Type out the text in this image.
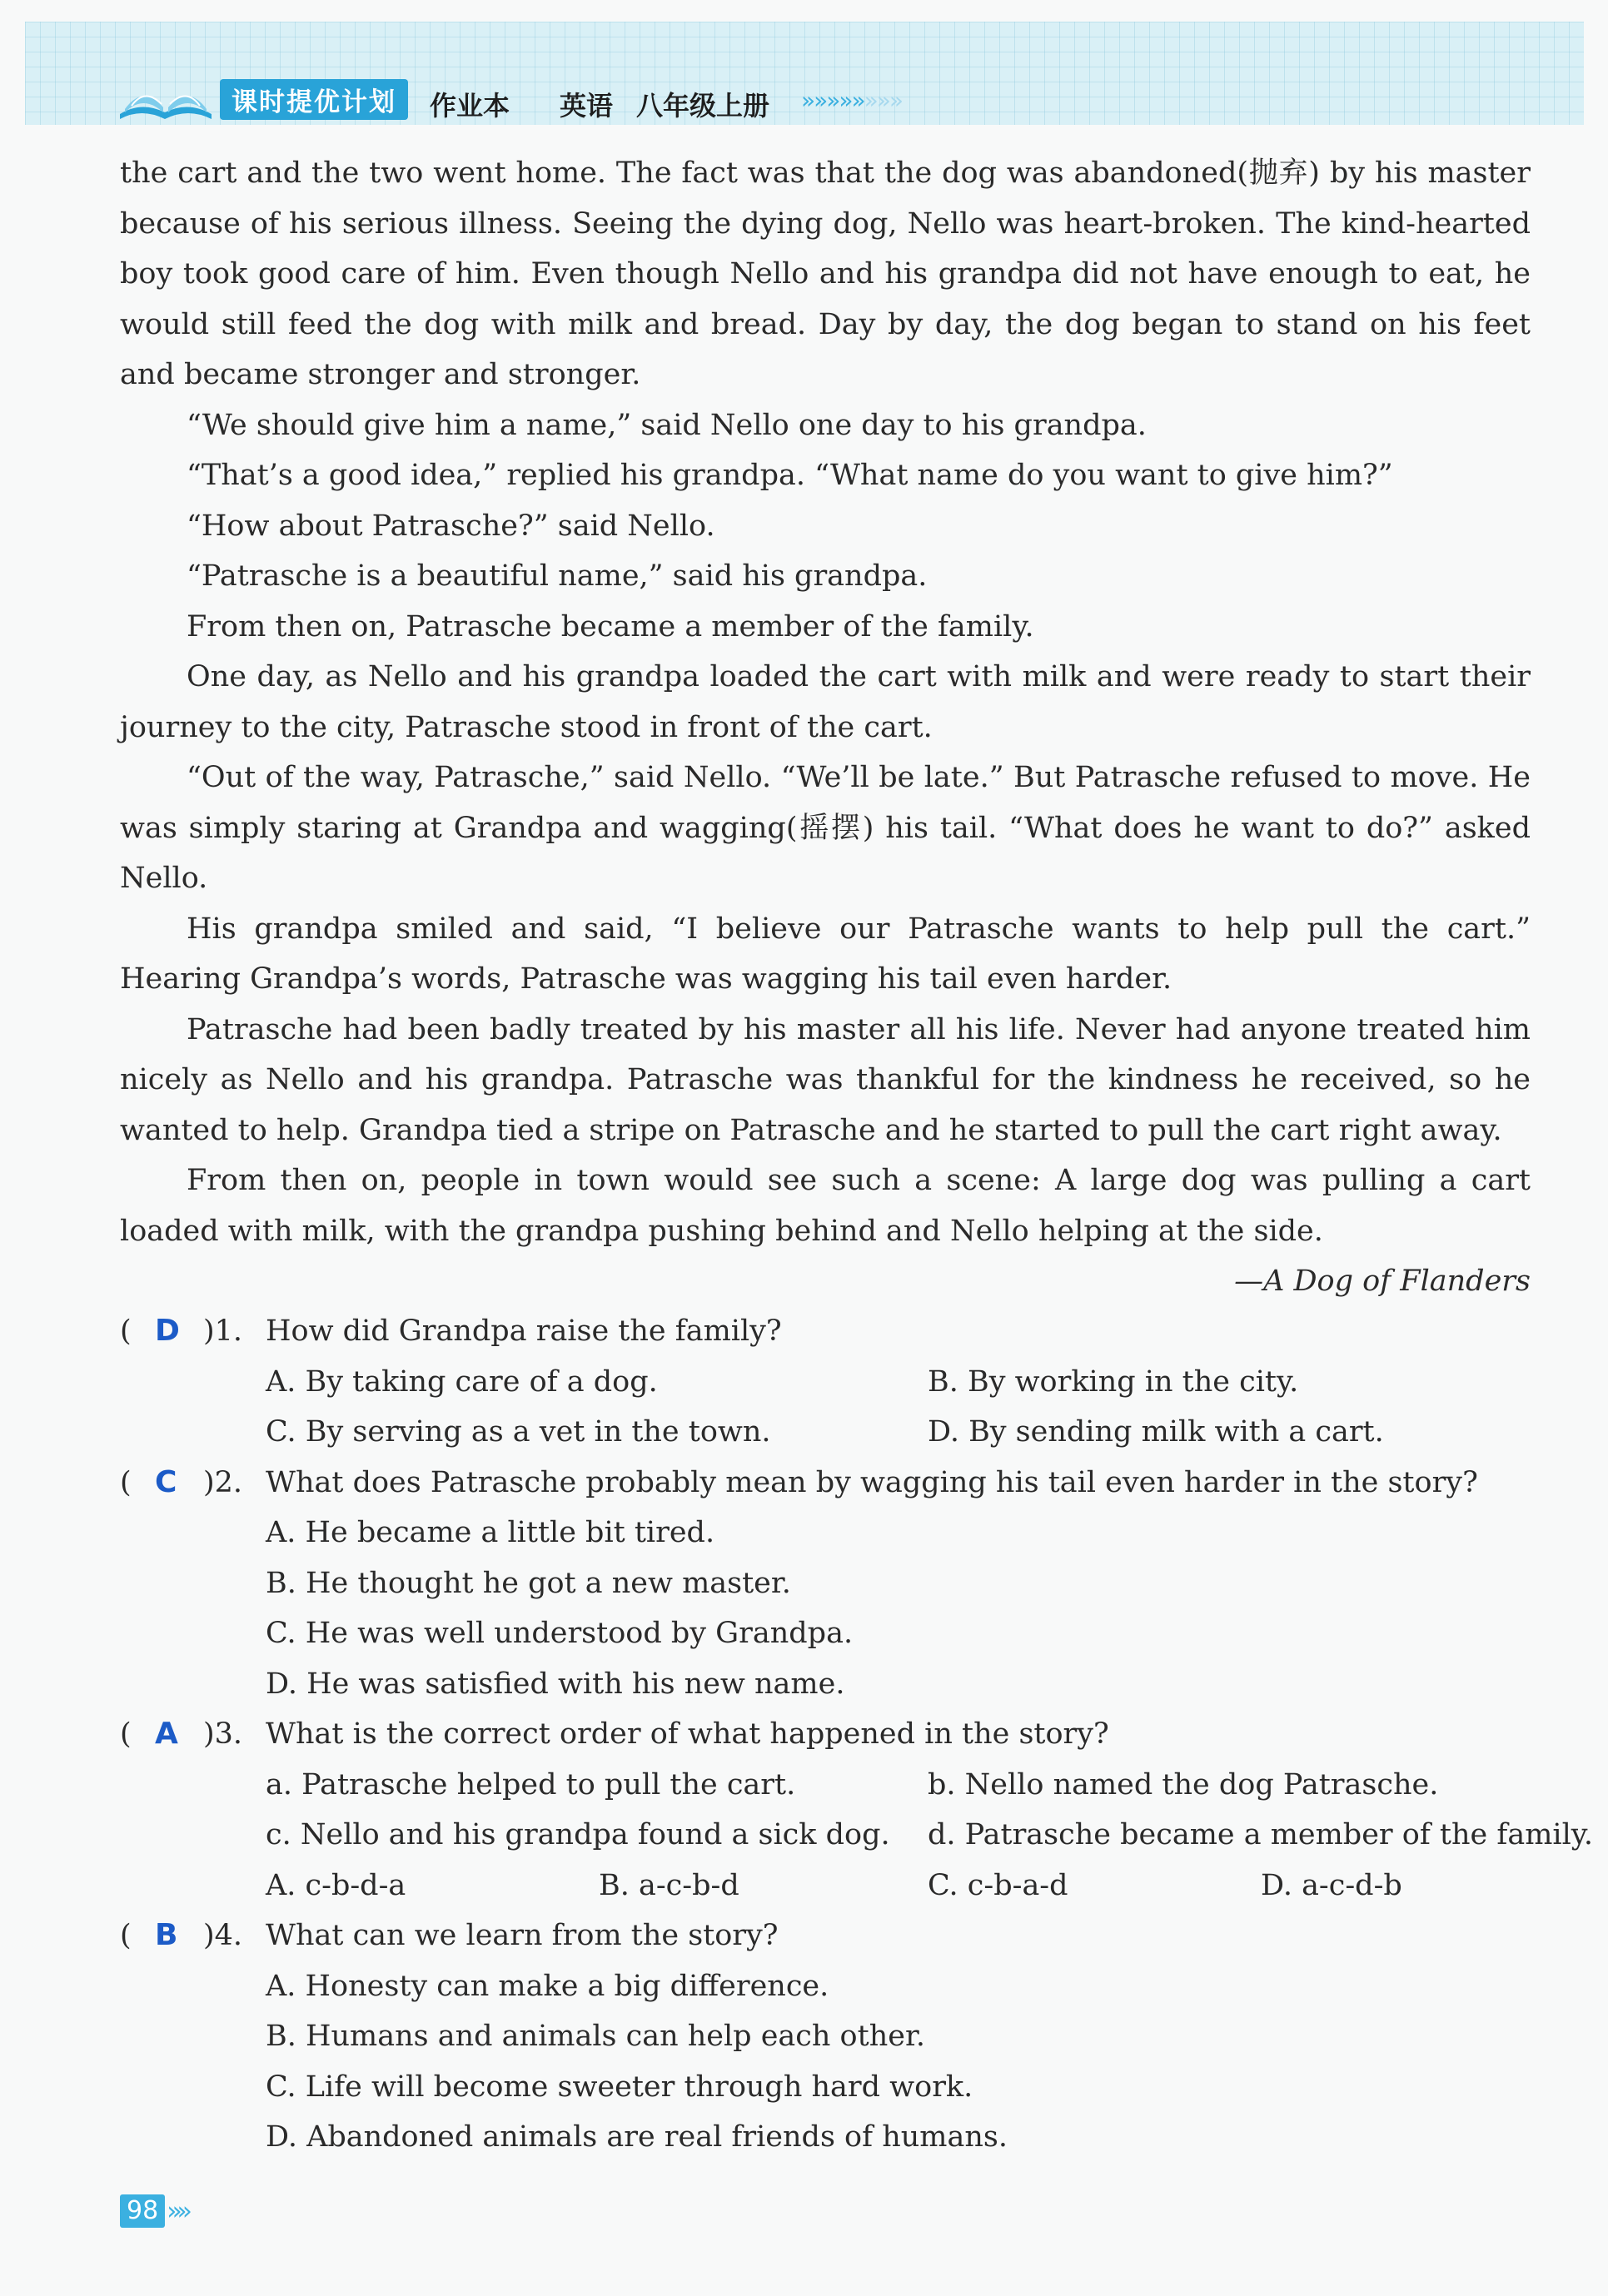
课时提优计划	作业本 英语 八年级上册 »»»»»»»»

the cart and the two went home. The fact was that the dog was abandoned(抛弃) by his master because of his serious illness. Seeing the dying dog, Nello was heart-broken. The kind-hearted boy took good care of him. Even though Nello and his grandpa did not have enough to eat, he would still feed the dog with milk and bread. Day by day, the dog began to stand on his feet and became stronger and stronger.

“We should give him a name,” said Nello one day to his grandpa.

“That’s a good idea,” replied his grandpa. “What name do you want to give him?”

“How about Patrasche?” said Nello.

“Patrasche is a beautiful name,” said his grandpa.

From then on, Patrasche became a member of the family.

One day, as Nello and his grandpa loaded the cart with milk and were ready to start their journey to the city, Patrasche stood in front of the cart.

“Out of the way, Patrasche,” said Nello. “We’ll be late.” But Patrasche refused to move. He was simply staring at Grandpa and wagging(摇摆) his tail. “What does he want to do?” asked Nello.

His grandpa smiled and said, “I believe our Patrasche wants to help pull the cart.” Hearing Grandpa’s words, Patrasche was wagging his tail even harder.

Patrasche had been badly treated by his master all his life. Never had anyone treated him nicely as Nello and his grandpa. Patrasche was thankful for the kindness he received, so he wanted to help. Grandpa tied a stripe on Patrasche and he started to pull the cart right away.

From then on, people in town would see such a scene: A large dog was pulling a cart loaded with milk, with the grandpa pushing behind and Nello helping at the side.

—A Dog of Flanders
( D )1. How did Grandpa raise the family?
A. By taking care of a dog.	B. By working in the city.
C. By serving as a vet in the town.	D. By sending milk with a cart.
( C )2. What does Patrasche probably mean by wagging his tail even harder in the story?
A. He became a little bit tired.
B. He thought he got a new master.
C. He was well understood by Grandpa.
D. He was satisfied with his new name.
( A )3. What is the correct order of what happened in the story?
a. Patrasche helped to pull the cart.	b. Nello named the dog Patrasche.
c. Nello and his grandpa found a sick dog. d. Patrasche became a member of the family.
A. c-b-d-a	B. a-c-b-d	C. c-b-a-d	D. a-c-d-b
( B )4. What can we learn from the story?
A. Honesty can make a big difference.
B. Humans and animals can help each other.
C. Life will become sweeter through hard work.
D. Abandoned animals are real friends of humans.
98 »»
